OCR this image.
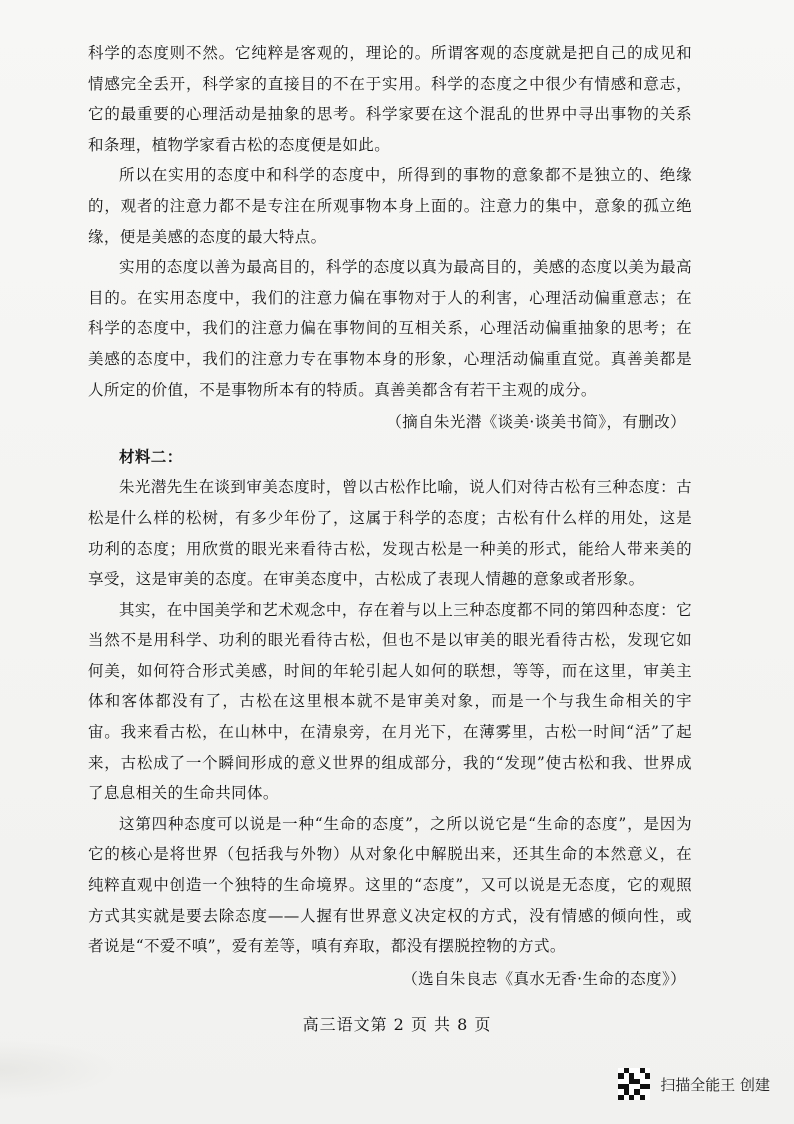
科学的态度则不然。它纯粹是客观的，理论的。所谓客观的态度就是把自己的成见和情感完全丢开，科学家的直接目的不在于实用。科学的态度之中很少有情感和意志，它的最重要的心理活动是抽象的思考。科学家要在这个混乱的世界中寻出事物的关系和条理，植物学家看古松的态度便是如此。

所以在实用的态度中和科学的态度中，所得到的事物的意象都不是独立的、绝缘的，观者的注意力都不是专注在所观事物本身上面的。注意力的集中，意象的孤立绝缘，便是美感的态度的最大特点。

实用的态度以善为最高目的，科学的态度以真为最高目的，美感的态度以美为最高目的。在实用态度中，我们的注意力偏在事物对于人的利害，心理活动偏重意志；在科学的态度中，我们的注意力偏在事物间的互相关系，心理活动偏重抽象的思考；在美感的态度中，我们的注意力专在事物本身的形象，心理活动偏重直觉。真善美都是人所定的价值，不是事物所本有的特质。真善美都含有若干主观的成分。

（摘自朱光潜《谈美·谈美书简》，有删改）

材料二：

朱光潜先生在谈到审美态度时，曾以古松作比喻，说人们对待古松有三种态度：古松是什么样的松树，有多少年份了，这属于科学的态度；古松有什么样的用处，这是功利的态度；用欣赏的眼光来看待古松，发现古松是一种美的形式，能给人带来美的享受，这是审美的态度。在审美态度中，古松成了表现人情趣的意象或者形象。

其实，在中国美学和艺术观念中，存在着与以上三种态度都不同的第四种态度：它当然不是用科学、功利的眼光看待古松，但也不是以审美的眼光看待古松，发现它如何美，如何符合形式美感，时间的年轮引起人如何的联想，等等，而在这里，审美主体和客体都没有了，古松在这里根本就不是审美对象，而是一个与我生命相关的宇宙。我来看古松，在山林中，在清泉旁，在月光下，在薄雾里，古松一时间“活”了起来，古松成了一个瞬间形成的意义世界的组成部分，我的“发现”使古松和我、世界成了息息相关的生命共同体。

这第四种态度可以说是一种“生命的态度”，之所以说它是“生命的态度”，是因为它的核心是将世界（包括我与外物）从对象化中解脱出来，还其生命的本然意义，在纯粹直观中创造一个独特的生命境界。这里的“态度”，又可以说是无态度，它的观照方式其实就是要去除态度——人握有世界意义决定权的方式，没有情感的倾向性，或者说是“不爱不嗔”，爱有差等，嗔有弃取，都没有摆脱控物的方式。

（选自朱良志《真水无香·生命的态度》）

高三语文第 2 页 共 8 页
扫描全能王 创建
